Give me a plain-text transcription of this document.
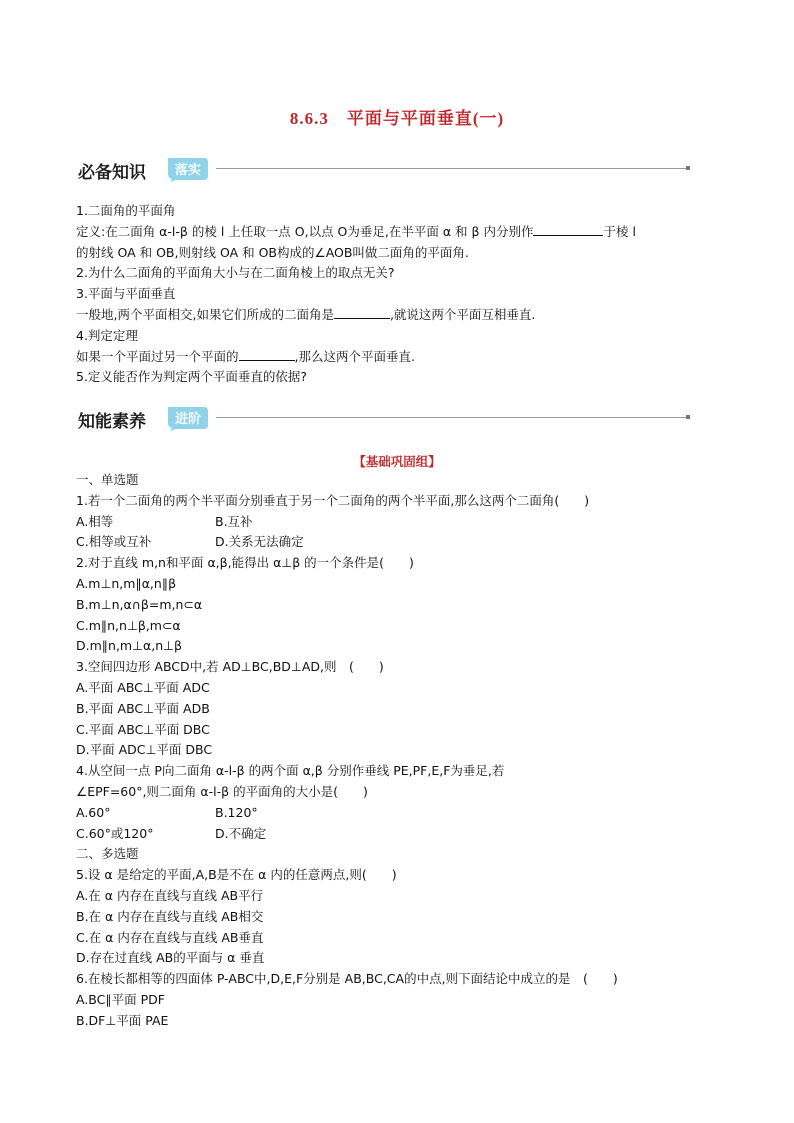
8.6.3　平面与平面垂直(一)
必备知识 落实
1.二面角的平面角
定义:在二面角 α-l-β 的棱 l 上任取一点 O,以点 O为垂足,在半平面 α 和 β 内分别作	于棱 l
的射线 OA 和 OB,则射线 OA 和 OB构成的∠AOB叫做二面角的平面角.
2.为什么二面角的平面角大小与在二面角棱上的取点无关?
3.平面与平面垂直
一般地,两个平面相交,如果它们所成的二面角是	,就说这两个平面互相垂直.
4.判定定理
如果一个平面过另一个平面的	,那么这两个平面垂直.
5.定义能否作为判定两个平面垂直的依据?
知能素养 进阶
【基础巩固组】
一、单选题
1.若一个二面角的两个半平面分别垂直于另一个二面角的两个半平面,那么这两个二面角(　　)
A.相等	B.互补
C.相等或互补	D.关系无法确定
2.对于直线 m,n和平面 α,β,能得出 α⊥β 的一个条件是(　　)
A.m⊥n,m∥α,n∥β
B.m⊥n,α∩β=m,n⊂α
C.m∥n,n⊥β,m⊂α
D.m∥n,m⊥α,n⊥β
3.空间四边形 ABCD中,若 AD⊥BC,BD⊥AD,则　(　　)
A.平面 ABC⊥平面 ADC
B.平面 ABC⊥平面 ADB
C.平面 ABC⊥平面 DBC
D.平面 ADC⊥平面 DBC
4.从空间一点 P向二面角 α-l-β 的两个面 α,β 分别作垂线 PE,PF,E,F为垂足,若
∠EPF=60°,则二面角 α-l-β 的平面角的大小是(　　)
A.60°	B.120°
C.60°或120°	D.不确定
二、多选题
5.设 α 是给定的平面,A,B是不在 α 内的任意两点,则(　　)
A.在 α 内存在直线与直线 AB平行
B.在 α 内存在直线与直线 AB相交
C.在 α 内存在直线与直线 AB垂直
D.存在过直线 AB的平面与 α 垂直
6.在棱长都相等的四面体 P-ABC中,D,E,F分别是 AB,BC,CA的中点,则下面结论中成立的是　(　　)
A.BC∥平面 PDF
B.DF⊥平面 PAE
